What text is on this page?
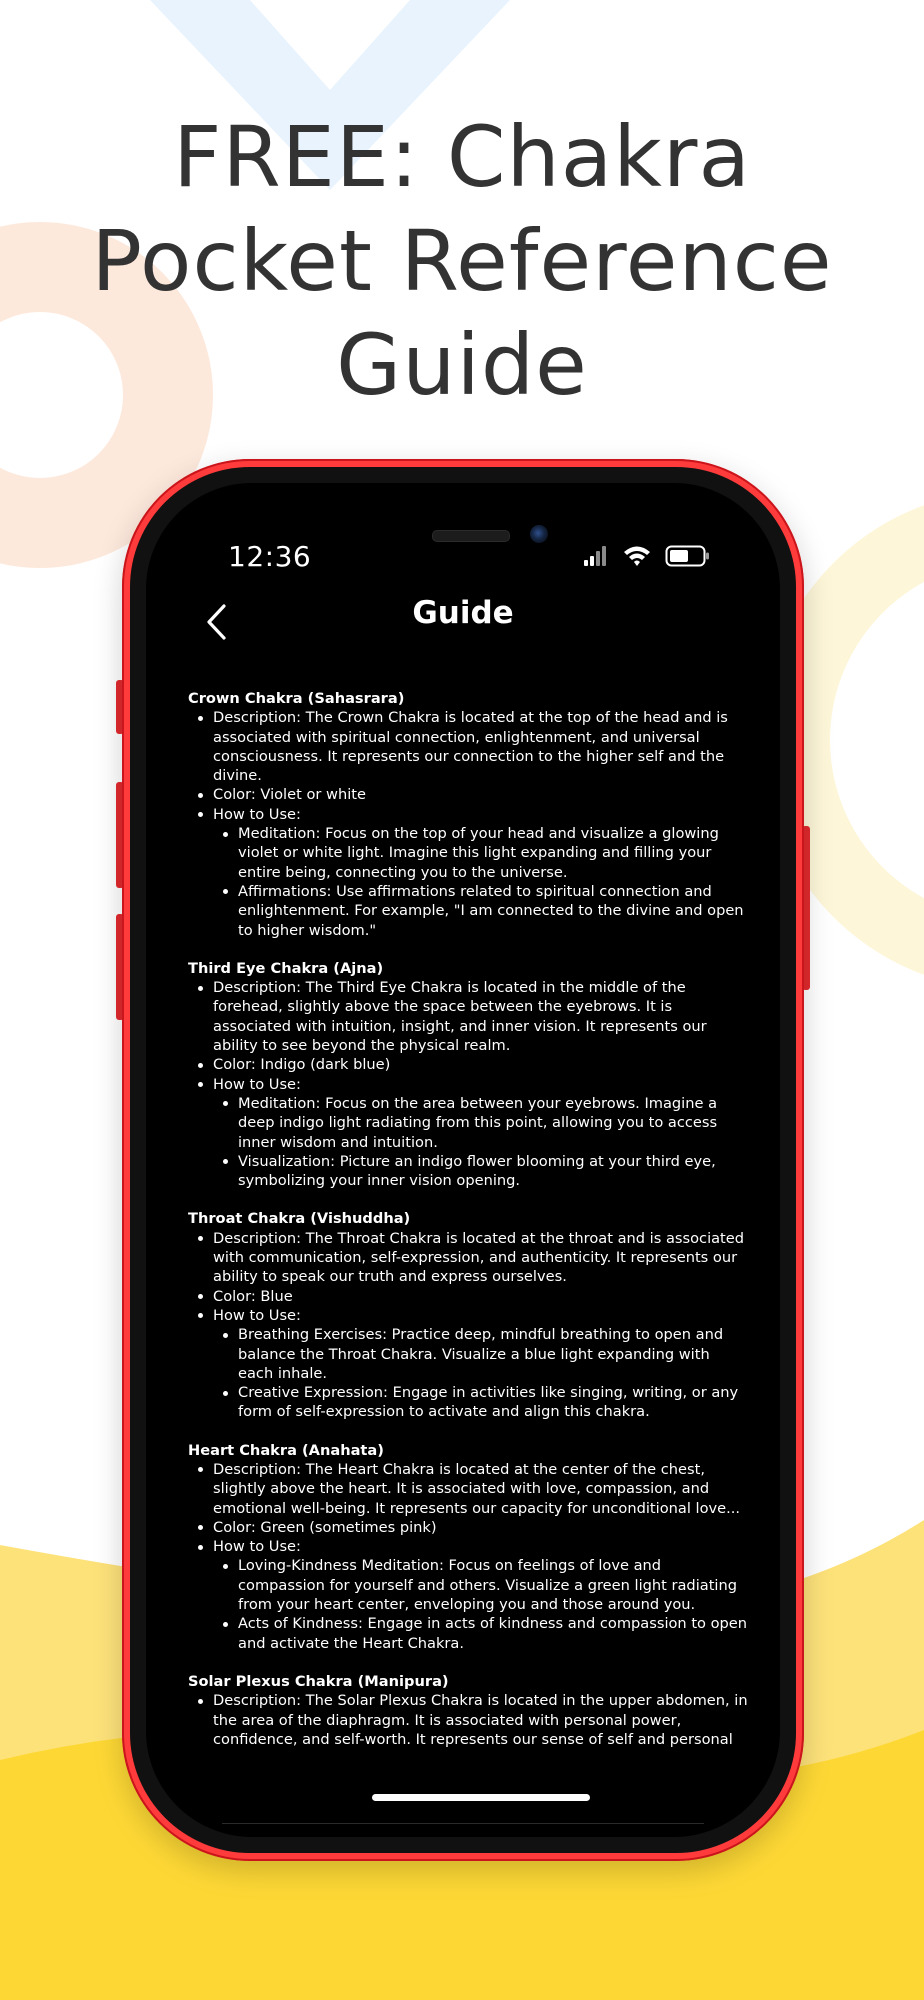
FREE: Chakra
Pocket Reference
Guide
12:36
Guide

Crown Chakra (Sahasrara)

Description: The Crown Chakra is located at the top of the head and is associated with spiritual connection, enlightenment, and universal consciousness. It represents our connection to the higher self and the divine.
Color: Violet or white
How to Use:
Meditation: Focus on the top of your head and visualize a glowing violet or white light. Imagine this light expanding and filling your entire being, connecting you to the universe.
Affirmations: Use affirmations related to spiritual connection and enlightenment. For example, "I am connected to the divine and open to higher wisdom."

Third Eye Chakra (Ajna)

Description: The Third Eye Chakra is located in the middle of the forehead, slightly above the space between the eyebrows. It is associated with intuition, insight, and inner vision. It represents our ability to see beyond the physical realm.
Color: Indigo (dark blue)
How to Use:
Meditation: Focus on the area between your eyebrows. Imagine a deep indigo light radiating from this point, allowing you to access inner wisdom and intuition.
Visualization: Picture an indigo flower blooming at your third eye, symbolizing your inner vision opening.

Throat Chakra (Vishuddha)

Description: The Throat Chakra is located at the throat and is associated with communication, self-expression, and authenticity. It represents our ability to speak our truth and express ourselves.
Color: Blue
How to Use:
Breathing Exercises: Practice deep, mindful breathing to open and balance the Throat Chakra. Visualize a blue light expanding with each inhale.
Creative Expression: Engage in activities like singing, writing, or any form of self-expression to activate and align this chakra.

Heart Chakra (Anahata)

Description: The Heart Chakra is located at the center of the chest, slightly above the heart. It is associated with love, compassion, and emotional well-being. It represents our capacity for unconditional love...
Color: Green (sometimes pink)
How to Use:
Loving-Kindness Meditation: Focus on feelings of love and compassion for yourself and others. Visualize a green light radiating from your heart center, enveloping you and those around you.
Acts of Kindness: Engage in acts of kindness and compassion to open and activate the Heart Chakra.

Solar Plexus Chakra (Manipura)

Description: The Solar Plexus Chakra is located in the upper abdomen, in the area of the diaphragm. It is associated with personal power, confidence, and self-worth. It represents our sense of self and personal
